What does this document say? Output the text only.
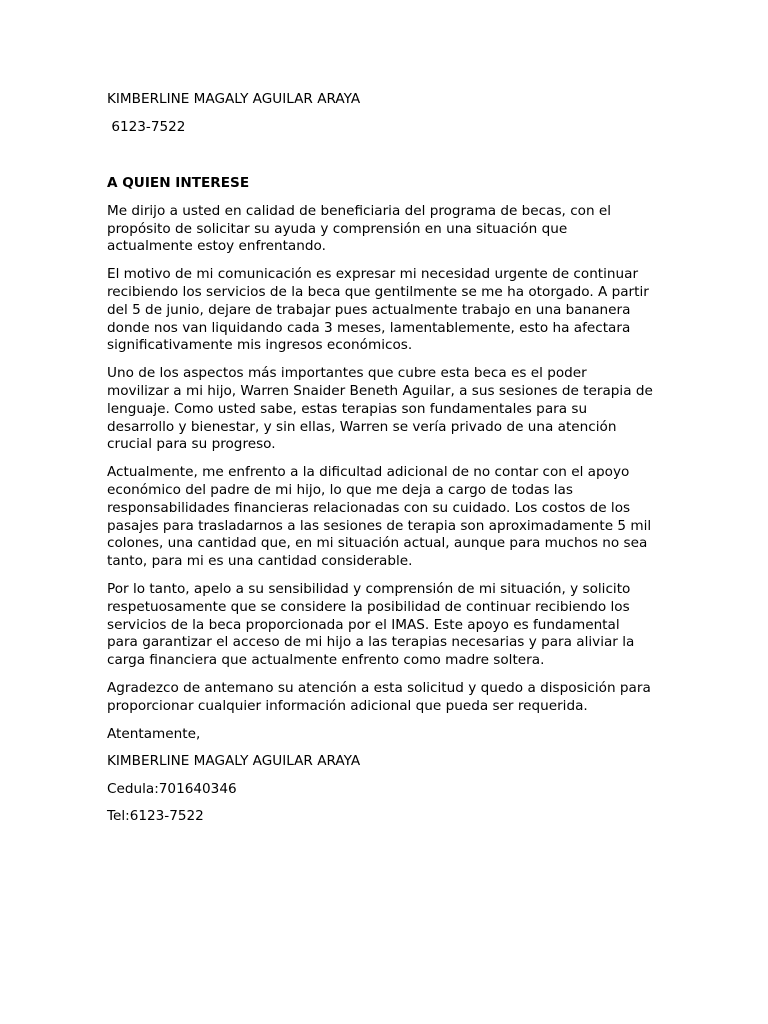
KIMBERLINE MAGALY AGUILAR ARAYA

6123-7522

A QUIEN INTERESE

Me dirijo a usted en calidad de beneficiaria del programa de becas, con el
propósito de solicitar su ayuda y comprensión en una situación que
actualmente estoy enfrentando.
El motivo de mi comunicación es expresar mi necesidad urgente de continuar
recibiendo los servicios de la beca que gentilmente se me ha otorgado. A partir
del 5 de junio, dejare de trabajar pues actualmente trabajo en una bananera
donde nos van liquidando cada 3 meses, lamentablemente, esto ha afectara
significativamente mis ingresos económicos.
Uno de los aspectos más importantes que cubre esta beca es el poder
movilizar a mi hijo, Warren Snaider Beneth Aguilar, a sus sesiones de terapia de
lenguaje. Como usted sabe, estas terapias son fundamentales para su
desarrollo y bienestar, y sin ellas, Warren se vería privado de una atención
crucial para su progreso.
Actualmente, me enfrento a la dificultad adicional de no contar con el apoyo
económico del padre de mi hijo, lo que me deja a cargo de todas las
responsabilidades financieras relacionadas con su cuidado. Los costos de los
pasajes para trasladarnos a las sesiones de terapia son aproximadamente 5 mil
colones, una cantidad que, en mi situación actual, aunque para muchos no sea
tanto, para mi es una cantidad considerable.
Por lo tanto, apelo a su sensibilidad y comprensión de mi situación, y solicito
respetuosamente que se considere la posibilidad de continuar recibiendo los
servicios de la beca proporcionada por el IMAS. Este apoyo es fundamental
para garantizar el acceso de mi hijo a las terapias necesarias y para aliviar la
carga financiera que actualmente enfrento como madre soltera.
Agradezco de antemano su atención a esta solicitud y quedo a disposición para
proporcionar cualquier información adicional que pueda ser requerida.

Atentamente,

KIMBERLINE MAGALY AGUILAR ARAYA

Cedula:701640346

Tel:6123-7522
